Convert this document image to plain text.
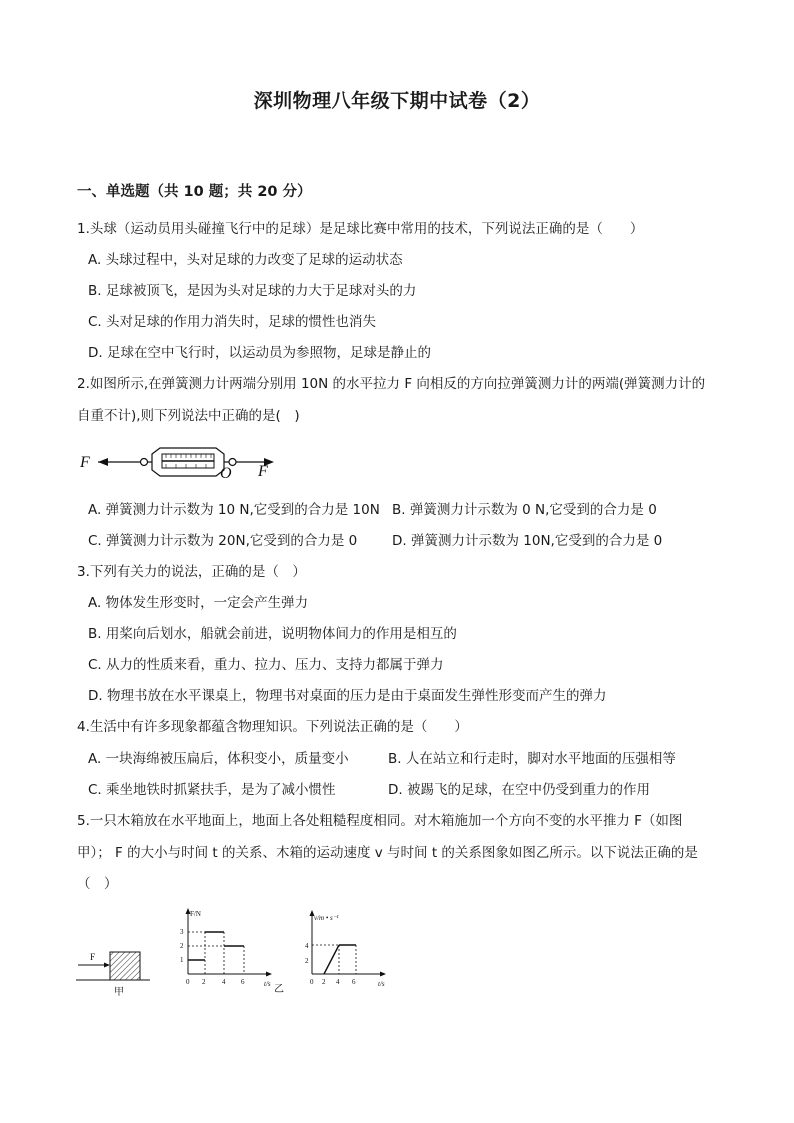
深圳物理八年级下期中试卷（2）
一、单选题（共 10 题；共 20 分）
1.头球（运动员用头碰撞飞行中的足球）是足球比赛中常用的技术，下列说法正确的是（　　）
A. 头球过程中，头对足球的力改变了足球的运动状态
B. 足球被顶飞，是因为头对足球的力大于足球对头的力
C. 头对足球的作用力消失时，足球的惯性也消失
D. 足球在空中飞行时，以运动员为参照物，足球是静止的
2.如图所示,在弹簧测力计两端分别用 10N 的水平拉力 F 向相反的方向拉弹簧测力计的两端(弹簧测力计的
自重不计),则下列说法中正确的是(　)
F
O F
A. 弹簧测力计示数为 10 N,它受到的合力是 10N B. 弹簧测力计示数为 0 N,它受到的合力是 0
C. 弹簧测力计示数为 20N,它受到的合力是 0	D. 弹簧测力计示数为 10N,它受到的合力是 0
3.下列有关力的说法，正确的是（　）
A. 物体发生形变时，一定会产生弹力
B. 用桨向后划水，船就会前进，说明物体间力的作用是相互的
C. 从力的性质来看，重力、拉力、压力、支持力都属于弹力
D. 物理书放在水平课桌上，物理书对桌面的压力是由于桌面发生弹性形变而产生的弹力
4.生活中有许多现象都蕴含物理知识。下列说法正确的是（　　）
A. 一块海绵被压扁后，体积变小，质量变小	B. 人在站立和行走时，脚对水平地面的压强相等
C. 乘坐地铁时抓紧扶手，是为了减小惯性	D. 被踢飞的足球，在空中仍受到重力的作用
5.一只木箱放在水平地面上，地面上各处粗糙程度相同。对木箱施加一个方向不变的水平推力 F（如图
甲）； F 的大小与时间 t 的关系、木箱的运动速度 v 与时间 t 的关系图象如图乙所示。以下说法正确的是
（　）
F
甲
F/N
t/s
1
2
3
0 2 4 6
乙
v/m • s⁻¹
t/s
2
4
0 2 4 6
